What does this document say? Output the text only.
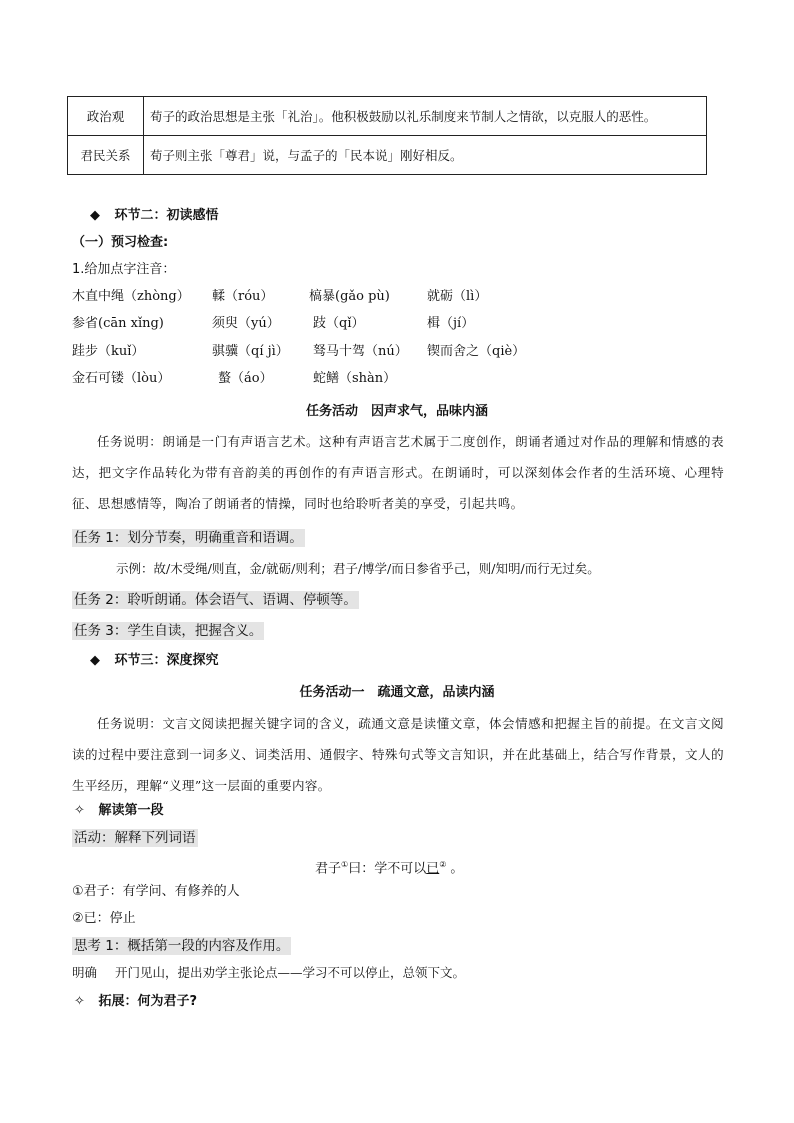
政治观	荀子的政治思想是主张「礼治」。他积极鼓励以礼乐制度来节制人之情欲，以克服人的恶性。
君民关系	荀子则主张「尊君」说，与孟子的「民本说」刚好相反。
◆ 环节二：初读感悟
（一）预习检查:
1.给加点字注音：
木直中绳（zhòng） 輮（róu）	槁暴(gǎo pù)	就砺（lì）
参省(cān xǐng)	须臾（yú）	跂（qǐ）	楫（jí）
跬步（kuǐ）	骐骥（qí jì） 驽马十驾（nú） 锲而舍之（qiè）
金石可镂（lòu）	螯（áo）	蛇鳝（shàn）
任务活动　因声求气，品味内涵
任务说明：朗诵是一门有声语言艺术。这种有声语言艺术属于二度创作，朗诵者通过对作品的理解和情感的表达，把文字作品转化为带有音韵美的再创作的有声语言形式。在朗诵时，可以深刻体会作者的生活环境、心理特征、思想感情等，陶冶了朗诵者的情操，同时也给聆听者美的享受，引起共鸣。
任务 1：划分节奏，明确重音和语调。
示例：故/木受绳/则直，金/就砺/则利；君子/博学/而日参省乎己，则/知明/而行无过矣。
任务 2：聆听朗诵。体会语气、语调、停顿等。
任务 3：学生自读，把握含义。
◆ 环节三：深度探究
任务活动一　疏通文意，品读内涵
任务说明：文言文阅读把握关键字词的含义，疏通文意是读懂文章，体会情感和把握主旨的前提。在文言文阅读的过程中要注意到一词多义、词类活用、通假字、特殊句式等文言知识，并在此基础上，结合写作背景，文人的生平经历，理解“义理”这一层面的重要内容。
✧ 解读第一段
活动：解释下列词语
君子①曰：学不可以已② 。
①君子：有学问、有修养的人
②已：停止
思考 1：概括第一段的内容及作用。
明确 开门见山，提出劝学主张论点——学习不可以停止，总领下文。
✧ 拓展：何为君子?
